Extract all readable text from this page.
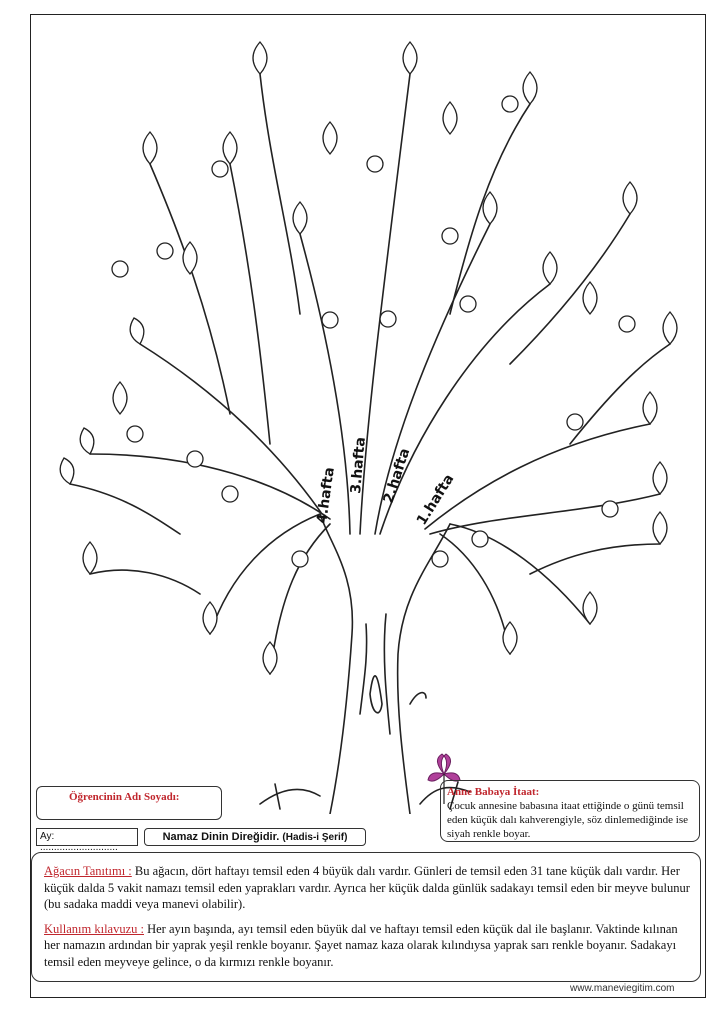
4.hafta
3.hafta 2.hafta 1.hafta
Öğrencinin Adı Soyadı:	Anne Babaya İtaat:
Çocuk annesine babasına itaat ettiğinde o günü temsil eden küçük dalı kahverengiyle, söz dinlemediğinde ise siyah renkle boyar.
Ay: ............................
Namaz Dinin Direğidir. (Hadis-i Şerif)

Ağacın Tanıtımı : Bu ağacın, dört haftayı temsil eden 4 büyük dalı vardır. Günleri de temsil eden 31 tane küçük dalı vardır. Her küçük dalda 5 vakit namazı temsil eden yaprakları vardır. Ayrıca her küçük dalda günlük sadakayı temsil eden bir meyve bulunur (bu sadaka maddi veya manevi olabilir).

Kullanım kılavuzu : Her ayın başında, ayı temsil eden büyük dal ve haftayı temsil eden küçük dal ile başlanır. Vaktinde kılınan her namazın ardından bir yaprak yeşil renkle boyanır. Şayet namaz kaza olarak kılındıysa yaprak sarı renkle boyanır. Sadakayı temsil eden meyveye gelince, o da kırmızı renkle boyanır.

www.maneviegitim.com
